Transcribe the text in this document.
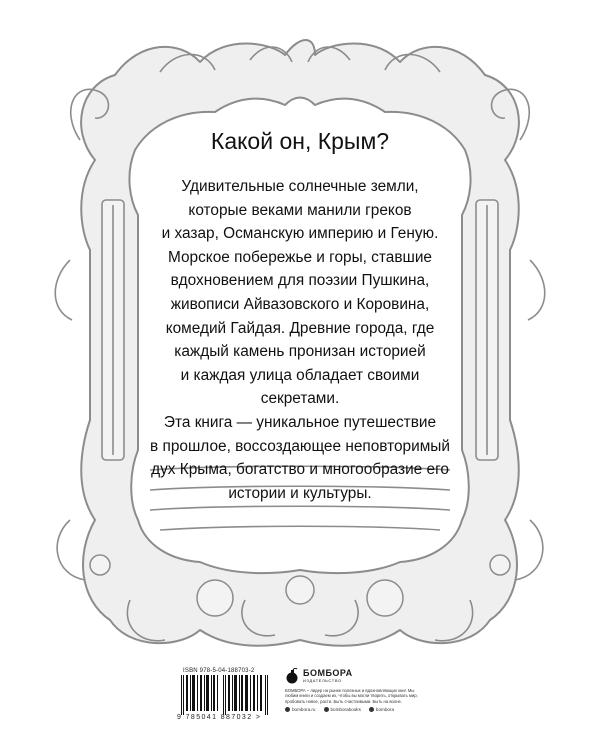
Какой он, Крым?
Удивительные солнечные земли,
которые веками манили греков
и хазар, Османскую империю и Геную.
Морское побережье и горы, ставшие
вдохновением для поэзии Пушкина,
живописи Айвазовского и Коровина,
комедий Гайдая. Древние города, где
каждый камень пронизан историей
и каждая улица обладает своими
секретами.
Эта книга — уникальное путешествие
в прошлое, воссоздающее неповторимый
дух Крыма, богатство и многообразие его
истории и культуры.
ISBN 978-5-04-188703-2
9 785041 887032 >
БОМБОРА
ИЗДАТЕЛЬСТВО
БОМБОРА – лидер на рынке полезных и вдохновляющих книг. Мы любим книги и создаем их, чтобы вы могли творить, открывать мир, пробовать новое, расти. Быть счастливыми. Быть на волне.
bombora.ru	bomborabooks	bombora
